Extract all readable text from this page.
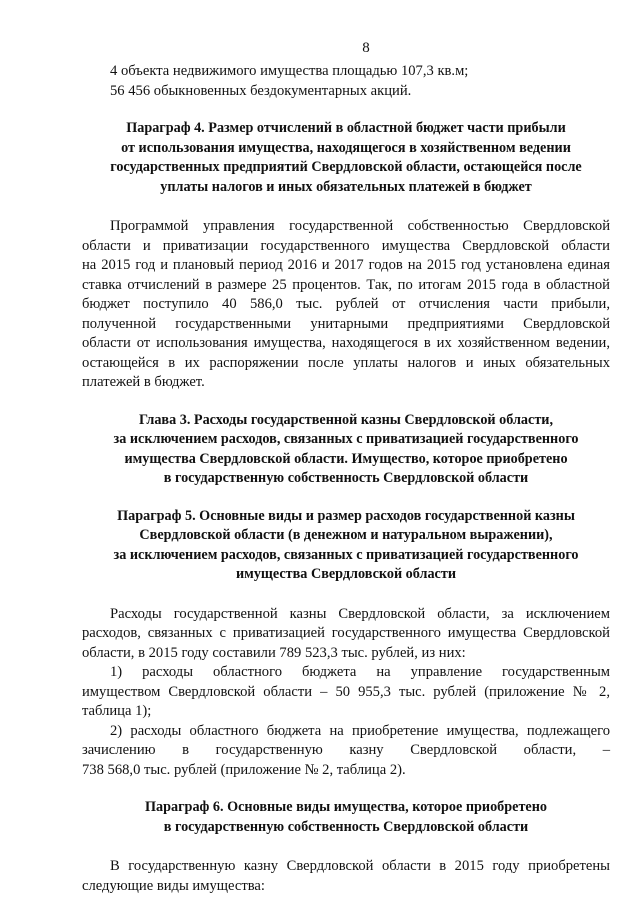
8

4 объекта недвижимого имущества площадью 107,3 кв.м;

56 456 обыкновенных бездокументарных акций.

Параграф 4. Размер отчислений в областной бюджет части прибыли
от использования имущества, находящегося в хозяйственном ведении
государственных предприятий Свердловской области, остающейся после
уплаты налогов и иных обязательных платежей в бюджет

Программой управления государственной собственностью Свердловской

области и приватизации государственного имущества Свердловской области

на 2015 год и плановый период 2016 и 2017 годов на 2015 год установлена единая

ставка отчислений в размере 25 процентов. Так, по итогам 2015 года в областной

бюджет поступило 40 586,0 тыс. рублей от отчисления части прибыли,

полученной государственными унитарными предприятиями Свердловской

области от использования имущества, находящегося в их хозяйственном ведении,

остающейся в их распоряжении после уплаты налогов и иных обязательных

платежей в бюджет.

Глава 3. Расходы государственной казны Свердловской области,
за исключением расходов, связанных с приватизацией государственного
имущества Свердловской области. Имущество, которое приобретено
в государственную собственность Свердловской области
Параграф 5. Основные виды и размер расходов государственной казны
Свердловской области (в денежном и натуральном выражении),
за исключением расходов, связанных с приватизацией государственного
имущества Свердловской области

Расходы государственной казны Свердловской области, за исключением

расходов, связанных с приватизацией государственного имущества Свердловской

области, в 2015 году составили 789 523,3 тыс. рублей, из них:

1) расходы областного бюджета на управление государственным

имуществом Свердловской области – 50 955,3 тыс. рублей (приложение № 2,

таблица 1);

2) расходы областного бюджета на приобретение имущества, подлежащего

зачислению в государственную казну Свердловской области, –

738 568,0 тыс. рублей (приложение № 2, таблица 2).

Параграф 6. Основные виды имущества, которое приобретено
в государственную собственность Свердловской области

В государственную казну Свердловской области в 2015 году приобретены

следующие виды имущества:
